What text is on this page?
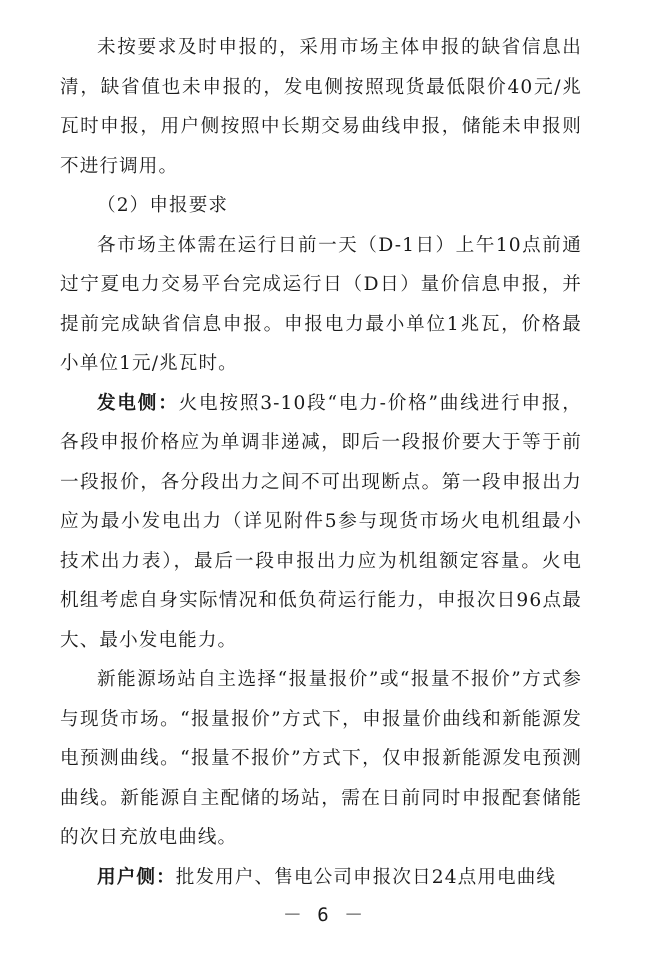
未按要求及时申报的，采用市场主体申报的缺省信息出清，缺省值也未申报的，发电侧按照现货最低限价40元/兆瓦时申报，用户侧按照中长期交易曲线申报，储能未申报则不进行调用。

（2）申报要求

各市场主体需在运行日前一天（D-1日）上午10点前通过宁夏电力交易平台完成运行日（D日）量价信息申报，并提前完成缺省信息申报。申报电力最小单位1兆瓦，价格最小单位1元/兆瓦时。

发电侧：火电按照3-10段“电力-价格”曲线进行申报，各段申报价格应为单调非递减，即后一段报价要大于等于前一段报价，各分段出力之间不可出现断点。第一段申报出力应为最小发电出力（详见附件5参与现货市场火电机组最小技术出力表），最后一段申报出力应为机组额定容量。火电机组考虑自身实际情况和低负荷运行能力，申报次日96点最大、最小发电能力。

新能源场站自主选择“报量报价”或“报量不报价”方式参与现货市场。“报量报价”方式下，申报量价曲线和新能源发电预测曲线。“报量不报价”方式下，仅申报新能源发电预测曲线。新能源自主配储的场站，需在日前同时申报配套储能的次日充放电曲线。

用户侧：批发用户、售电公司申报次日24点用电曲线

－ 6 －
